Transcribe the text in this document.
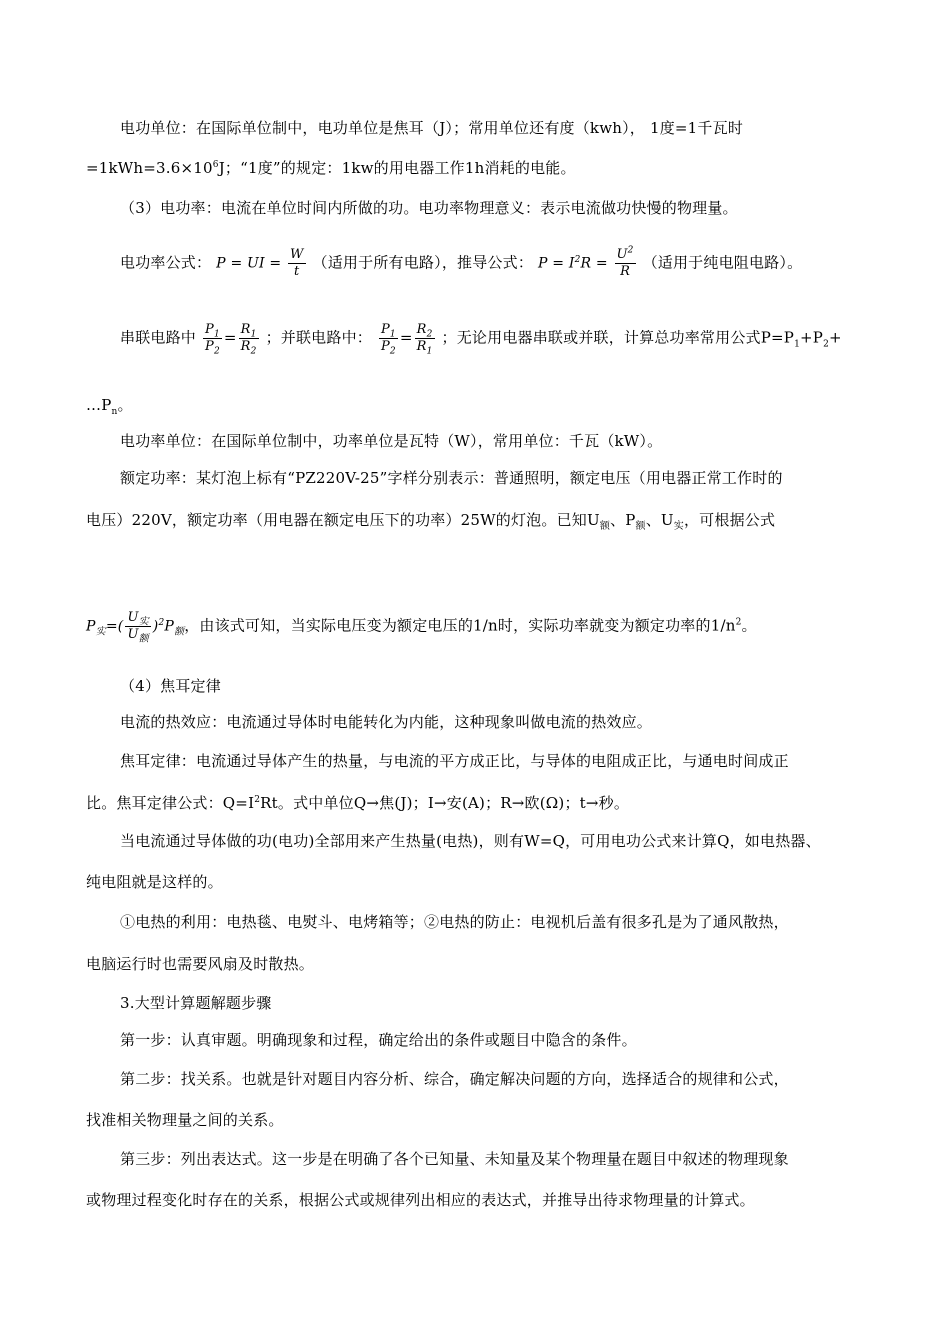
电功单位：在国际单位制中，电功单位是焦耳（J）；常用单位还有度（kwh）， 1度=1千瓦时
$=1kWh=3.6\times 10^6J$；“1度”的规定：1kw的用电器工作1h消耗的电能。
（3）电功率：电流在单位时间内所做的功。电功率物理意义：表示电流做功快慢的物理量。
电功率公式： P = UI = $\frac{W}{t}$ （适用于所有电路），推导公式： $P = I^2R = \frac{U^2}{R}$ （适用于纯电阻电路）。
串联电路中 $\frac{P_1}{P_2} = \frac{R_1}{R_2}$ ；并联电路中： $\frac{P_1}{P_2} = \frac{R_2}{R_1}$ ；无论用电器串联或并联，计算总功率常用公式$P=P_1+P_2+$
$\dots P_n$。
电功率单位：在国际单位制中，功率单位是瓦特（W），常用单位：千瓦（kW）。
额定功率：某灯泡上标有“PZ220V-25”字样分别表示：普通照明，额定电压（用电器正常工作时的
电压）220V，额定功率（用电器在额定电压下的功率）25W的灯泡。已知$U_额$、$P_额$、$U_实$，可根据公式
$P_实=( \frac{U_实}{U_额} )^2P_额$，由该式可知，当实际电压变为额定电压的1/n时，实际功率就变为额定功率的$1/n^2$。
（4）焦耳定律
电流的热效应：电流通过导体时电能转化为内能，这种现象叫做电流的热效应。
焦耳定律：电流通过导体产生的热量，与电流的平方成正比，与导体的电阻成正比，与通电时间成正
比。焦耳定律公式：$Q=I^2Rt$。式中单位Q→焦(J)；I→安(A)；R→欧(Ω)；t→秒。
当电流通过导体做的功(电功)全部用来产生热量(电热)，则有W=Q，可用电功公式来计算Q，如电热器、
纯电阻就是这样的。
①电热的利用：电热毯、电熨斗、电烤箱等；②电热的防止：电视机后盖有很多孔是为了通风散热，
电脑运行时也需要风扇及时散热。
3.大型计算题解题步骤
第一步：认真审题。明确现象和过程，确定给出的条件或题目中隐含的条件。
第二步：找关系。也就是针对题目内容分析、综合，确定解决问题的方向，选择适合的规律和公式，
找准相关物理量之间的关系。
第三步：列出表达式。这一步是在明确了各个已知量、未知量及某个物理量在题目中叙述的物理现象
或物理过程变化时存在的关系，根据公式或规律列出相应的表达式，并推导出待求物理量的计算式。
